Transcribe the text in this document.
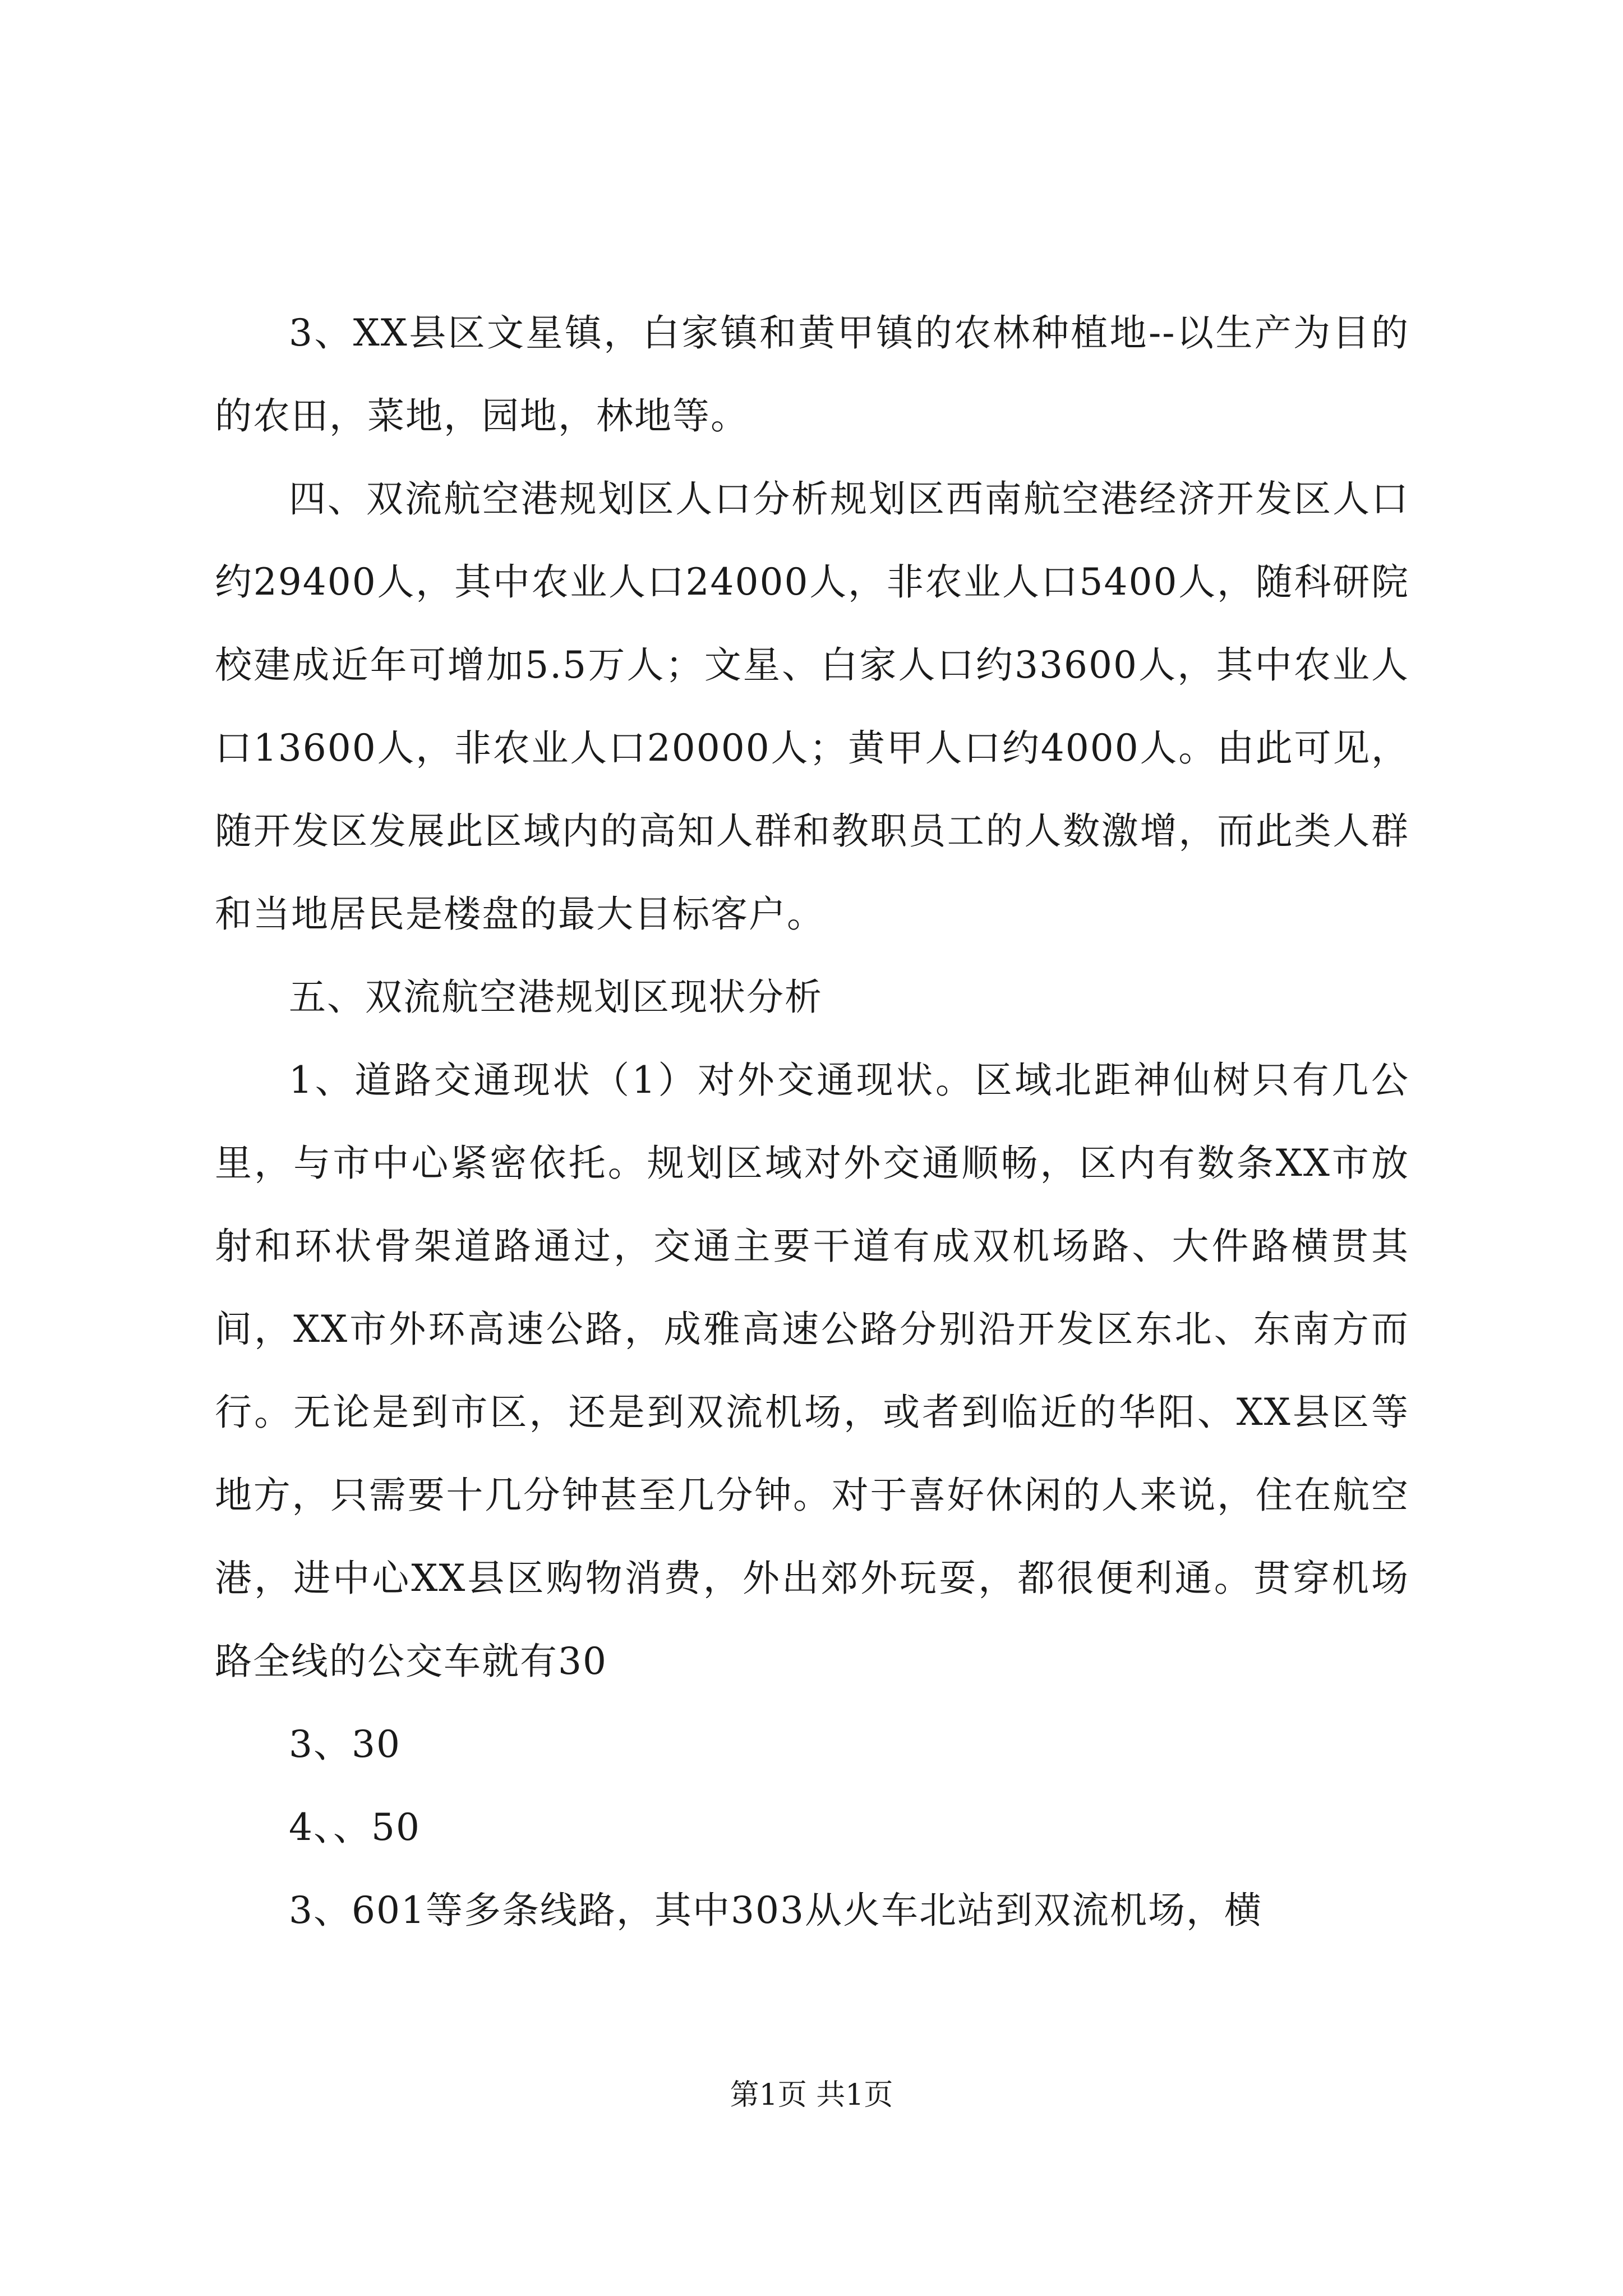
3、XX县区文星镇，白家镇和黄甲镇的农林种植地--以生产为目的的农田，菜地，园地，林地等。

四、双流航空港规划区人口分析规划区西南航空港经济开发区人口约29400人，其中农业人口24000人，非农业人口5400人，随科研院校建成近年可增加5.5万人；文星、白家人口约33600人，其中农业人口13600人，非农业人口20000人；黄甲人口约4000人。由此可见，随开发区发展此区域内的高知人群和教职员工的人数激增，而此类人群和当地居民是楼盘的最大目标客户。

五、双流航空港规划区现状分析

1、道路交通现状（1）对外交通现状。区域北距神仙树只有几公里，与市中心紧密依托。规划区域对外交通顺畅，区内有数条XX市放射和环状骨架道路通过，交通主要干道有成双机场路、大件路横贯其间，XX市外环高速公路，成雅高速公路分别沿开发区东北、东南方而行。无论是到市区，还是到双流机场，或者到临近的华阳、XX县区等地方，只需要十几分钟甚至几分钟。对于喜好休闲的人来说，住在航空港，进中心XX县区购物消费，外出郊外玩耍，都很便利通。贯穿机场路全线的公交车就有30

3、30

4、、50

3、601等多条线路，其中303从火车北站到双流机场，横

第1页 共1页
